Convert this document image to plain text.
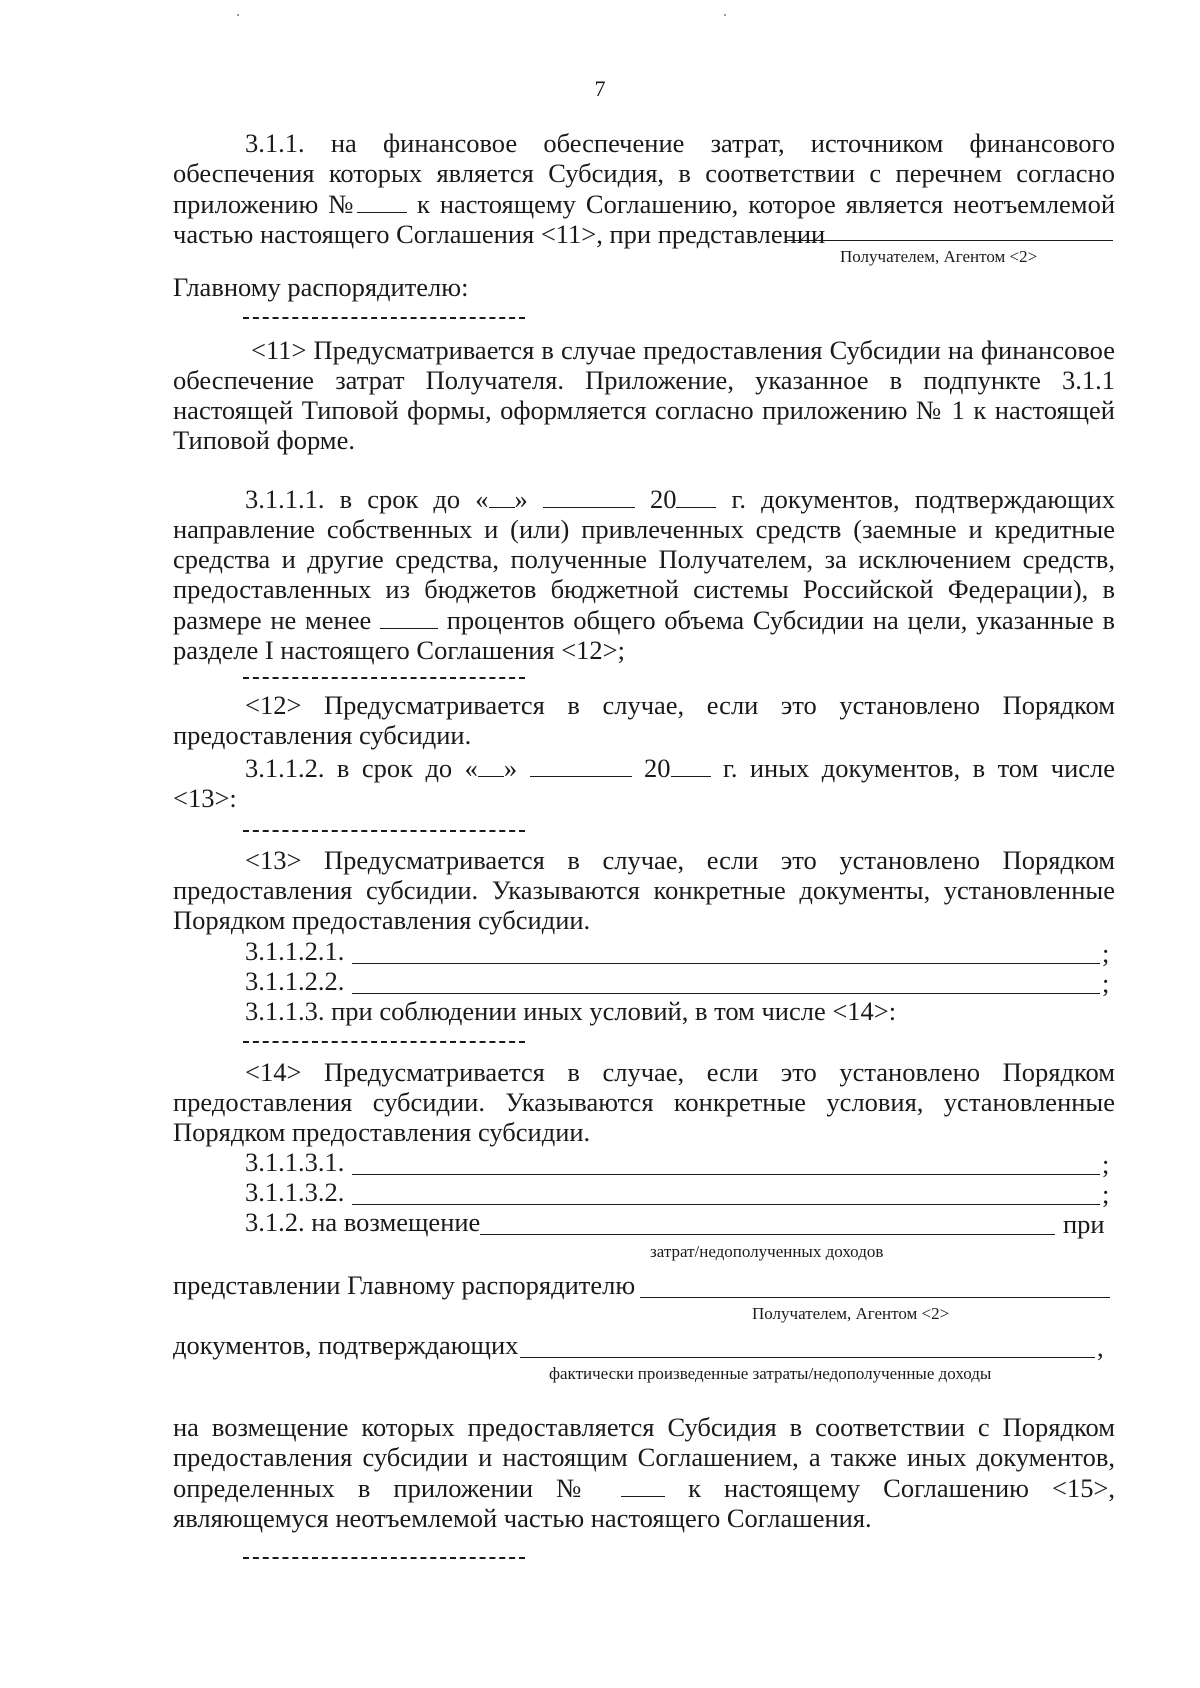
7
3.1.1. на финансовое обеспечение затрат, источником финансового
обеспечения которых является Субсидия, в соответствии с перечнем согласно
приложению № к настоящему Соглашению, которое является неотъемлемой
частью настоящего Соглашения <11>, при представлении
Получателем, Агентом <2>
Главному распорядителю:
<11> Предусматривается в случае предоставления Субсидии на финансовое
обеспечение затрат Получателя. Приложение, указанное в подпункте 3.1.1
настоящей Типовой формы, оформляется согласно приложению № 1 к настоящей
Типовой форме.
3.1.1.1. в срок до « »	20 г. документов, подтверждающих
направление собственных и (или) привлеченных средств (заемные и кредитные
средства и другие средства, полученные Получателем, за исключением средств,
предоставленных из бюджетов бюджетной системы Российской Федерации), в
размере не менее	процентов общего объема Субсидии на цели, указанные в
разделе I настоящего Соглашения <12>;
<12> Предусматривается в случае, если это установлено Порядком
предоставления субсидии.
3.1.1.2. в срок до « »	20 г. иных документов, в том числе
<13>:
<13> Предусматривается в случае, если это установлено Порядком
предоставления субсидии. Указываются конкретные документы, установленные
Порядком предоставления субсидии.
3.1.1.2.1.	;
3.1.1.2.2.	;
3.1.1.3. при соблюдении иных условий, в том числе <14>:
<14> Предусматривается в случае, если это установлено Порядком
предоставления субсидии. Указываются конкретные условия, установленные
Порядком предоставления субсидии.
3.1.1.3.1.	;
3.1.1.3.2.	;
3.1.2. на возмещение	при
затрат/недополученных доходов
представлении Главному распорядителю
Получателем, Агентом <2>
документов, подтверждающих	,
фактически произведенные затраты/недополученные доходы
на возмещение которых предоставляется Субсидия в соответствии с Порядком
предоставления субсидии и настоящим Соглашением, а также иных документов,
определенных в приложении №	к настоящему Соглашению <15>,
являющемуся неотъемлемой частью настоящего Соглашения.
